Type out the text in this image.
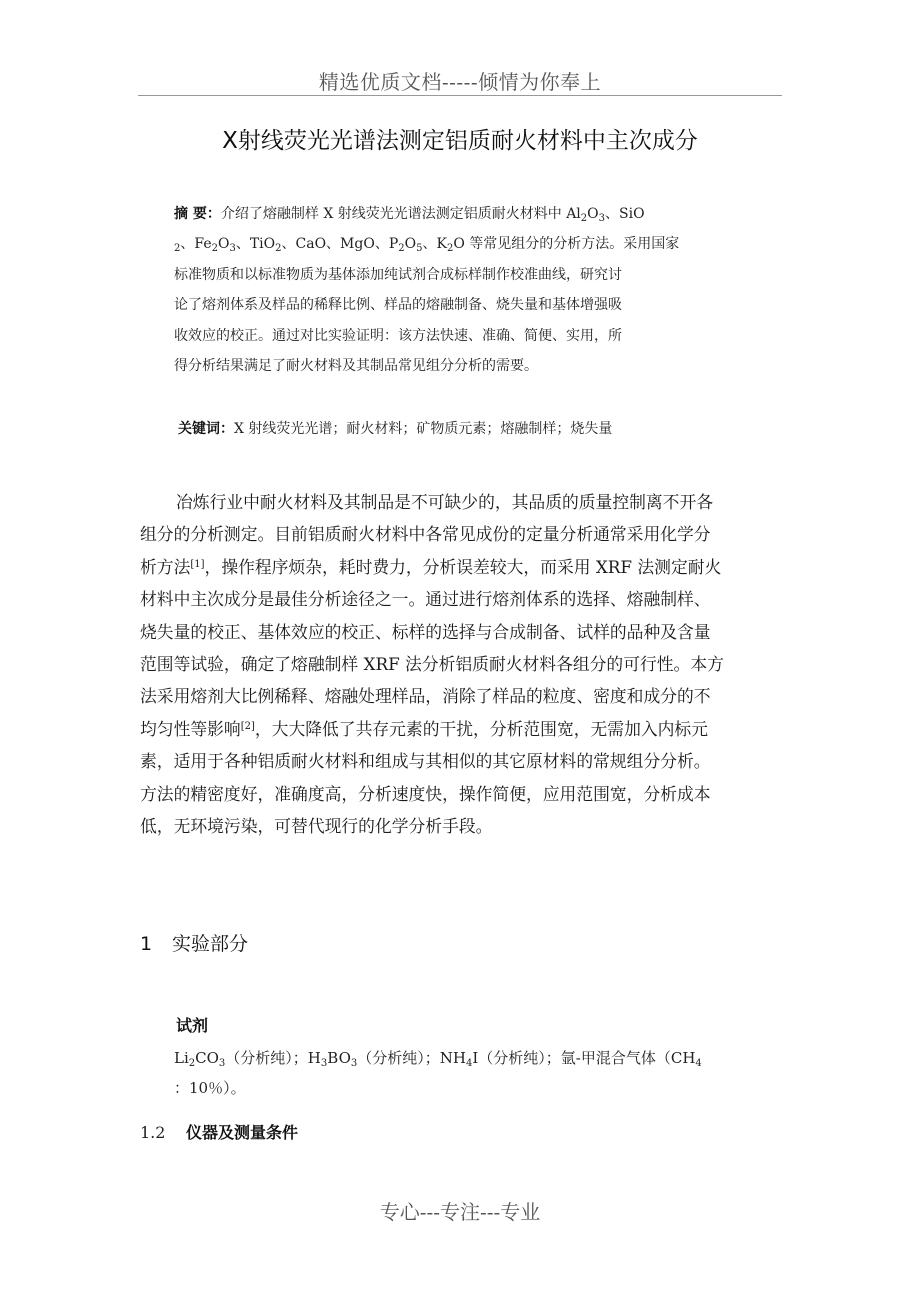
精选优质文档-----倾情为你奉上
X射线荧光光谱法测定铝质耐火材料中主次成分
摘 要：介绍了熔融制样 X 射线荧光光谱法测定铝质耐火材料中 $Al_2O_3$、SiO
$_2$、$Fe_2O_3$、TiO$_2$、CaO、MgO、$P_2O_5$、$K_2O$ 等常见组分的分析方法。采用国家
标准物质和以标准物质为基体添加纯试剂合成标样制作校准曲线，研究讨
论了熔剂体系及样品的稀释比例、样品的熔融制备、烧失量和基体增强吸
收效应的校正。通过对比实验证明：该方法快速、准确、简便、实用，所
得分析结果满足了耐火材料及其制品常见组分分析的需要。
关键词：X 射线荧光光谱；耐火材料；矿物质元素；熔融制样；烧失量
冶炼行业中耐火材料及其制品是不可缺少的，其品质的质量控制离不开各
组分的分析测定。目前铝质耐火材料中各常见成份的定量分析通常采用化学分
析方法[1]，操作程序烦杂，耗时费力，分析误差较大，而采用 XRF 法测定耐火
材料中主次成分是最佳分析途径之一。通过进行熔剂体系的选择、熔融制样、
烧失量的校正、基体效应的校正、标样的选择与合成制备、试样的品种及含量
范围等试验，确定了熔融制样 XRF 法分析铝质耐火材料各组分的可行性。本方
法采用熔剂大比例稀释、熔融处理样品，消除了样品的粒度、密度和成分的不
均匀性等影响[2]，大大降低了共存元素的干扰，分析范围宽，无需加入内标元
素，适用于各种铝质耐火材料和组成与其相似的其它原材料的常规组分分析。
方法的精密度好，准确度高，分析速度快，操作简便，应用范围宽，分析成本
低，无环境污染，可替代现行的化学分析手段。
1 实验部分
试剂
$Li_2CO_3$（分析纯）；$H_3BO_3$（分析纯）；$NH_4I$（分析纯）；氩-甲混合气体（$CH_4$
：10％）。
1.2 仪器及测量条件
专心---专注---专业
